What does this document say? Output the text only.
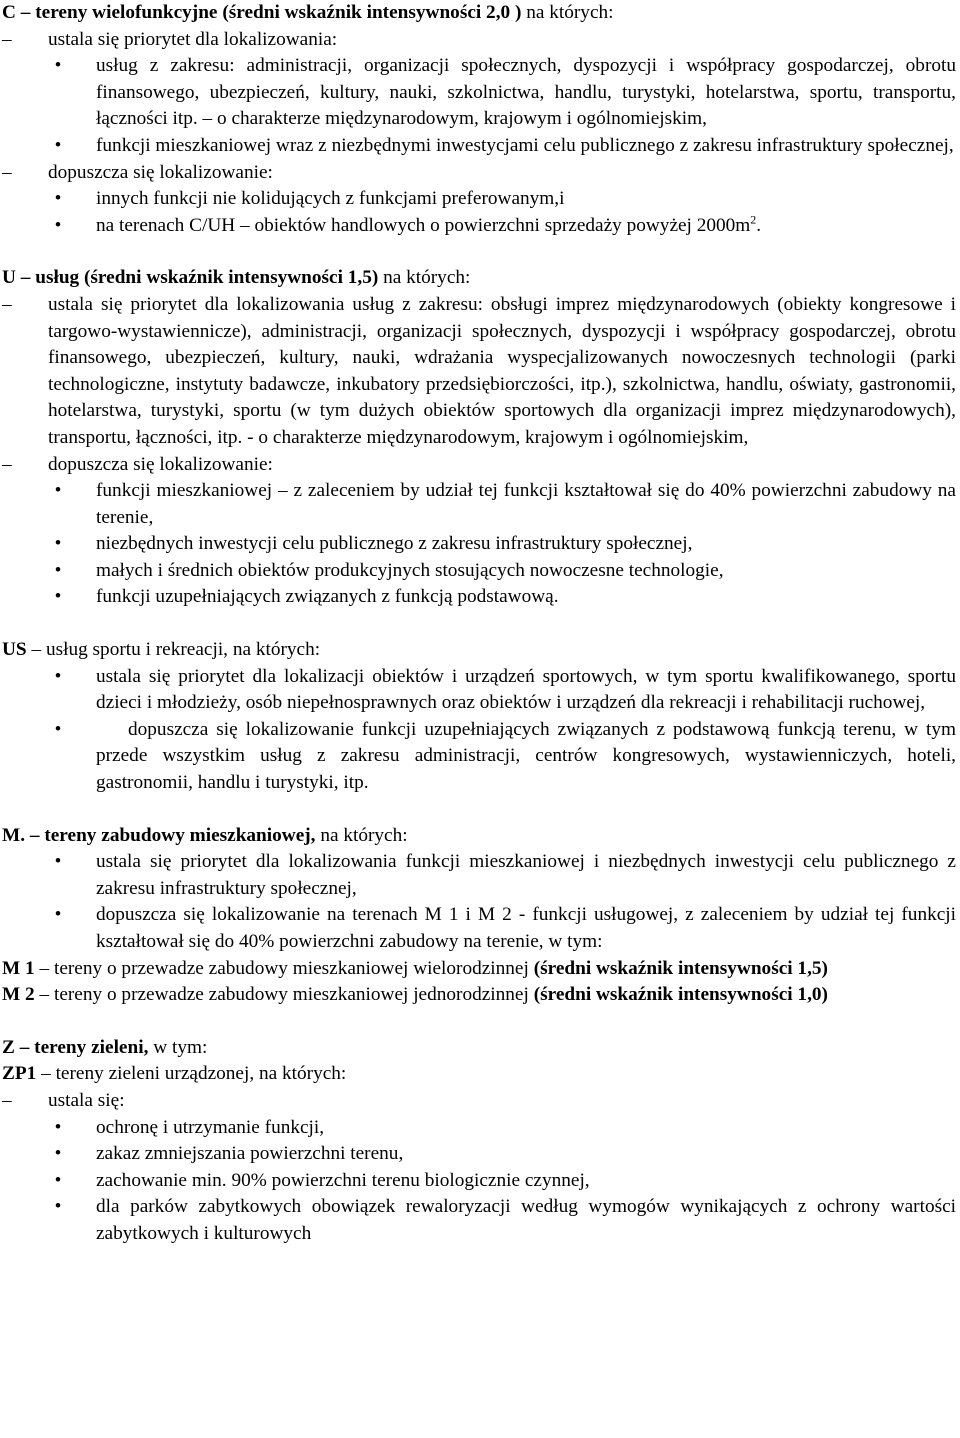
C – tereny wielofunkcyjne (średni wskaźnik intensywności 2,0 ) na których:

–	ustala się priorytet dla lokalizowania:

• usług z zakresu: administracji, organizacji społecznych, dyspozycji i współpracy gospodarczej, obrotu finansowego, ubezpieczeń, kultury, nauki, szkolnictwa, handlu, turystyki, hotelarstwa, sportu, transportu, łączności itp. – o charakterze międzynarodowym, krajowym i ogólnomiejskim,

• funkcji mieszkaniowej wraz z niezbędnymi inwestycjami celu publicznego z zakresu infrastruktury społecznej,

–	dopuszcza się lokalizowanie:

• innych funkcji nie kolidujących z funkcjami preferowanym,i

• na terenach C/UH – obiektów handlowych o powierzchni sprzedaży powyżej $2000m^2$.

U – usług (średni wskaźnik intensywności 1,5) na których:

–	ustala się priorytet dla lokalizowania usług z zakresu: obsługi imprez międzynarodowych (obiekty kongresowe i targowo-wystawiennicze), administracji, organizacji społecznych, dyspozycji i współpracy gospodarczej, obrotu finansowego, ubezpieczeń, kultury, nauki, wdrażania wyspecjalizowanych nowoczesnych technologii (parki technologiczne, instytuty badawcze, inkubatory przedsiębiorczości, itp.), szkolnictwa, handlu, oświaty, gastronomii, hotelarstwa, turystyki, sportu (w tym dużych obiektów sportowych dla organizacji imprez międzynarodowych), transportu, łączności, itp. - o charakterze międzynarodowym, krajowym i ogólnomiejskim,

–	dopuszcza się lokalizowanie:

• funkcji mieszkaniowej – z zaleceniem by udział tej funkcji kształtował się do 40% powierzchni zabudowy na terenie,

• niezbędnych inwestycji celu publicznego z zakresu infrastruktury społecznej,

• małych i średnich obiektów produkcyjnych stosujących nowoczesne technologie,

• funkcji uzupełniających związanych z funkcją podstawową.

US – usług sportu i rekreacji, na których:

• ustala się priorytet dla lokalizacji obiektów i urządzeń sportowych, w tym sportu kwalifikowanego, sportu dzieci i młodzieży, osób niepełnosprawnych oraz obiektów i urządzeń dla rekreacji i rehabilitacji ruchowej,

•	dopuszcza się lokalizowanie funkcji uzupełniających związanych z podstawową funkcją terenu, w tym przede wszystkim usług z zakresu administracji, centrów kongresowych, wystawienniczych, hoteli, gastronomii, handlu i turystyki, itp.

M. – tereny zabudowy mieszkaniowej, na których:

• ustala się priorytet dla lokalizowania funkcji mieszkaniowej i niezbędnych inwestycji celu publicznego z zakresu infrastruktury społecznej,

• dopuszcza się lokalizowanie na terenach M 1 i M 2 - funkcji usługowej, z zaleceniem by udział tej funkcji kształtował się do 40% powierzchni zabudowy na terenie, w tym:

M 1 – tereny o przewadze zabudowy mieszkaniowej wielorodzinnej (średni wskaźnik intensywności 1,5)

M 2 – tereny o przewadze zabudowy mieszkaniowej jednorodzinnej (średni wskaźnik intensywności 1,0)

Z – tereny zieleni, w tym:

ZP1 – tereny zieleni urządzonej, na których:

–	ustala się:

• ochronę i utrzymanie funkcji,

• zakaz zmniejszania powierzchni terenu,

• zachowanie min. 90% powierzchni terenu biologicznie czynnej,

• dla parków zabytkowych obowiązek rewaloryzacji według wymogów wynikających z ochrony wartości zabytkowych i kulturowych
